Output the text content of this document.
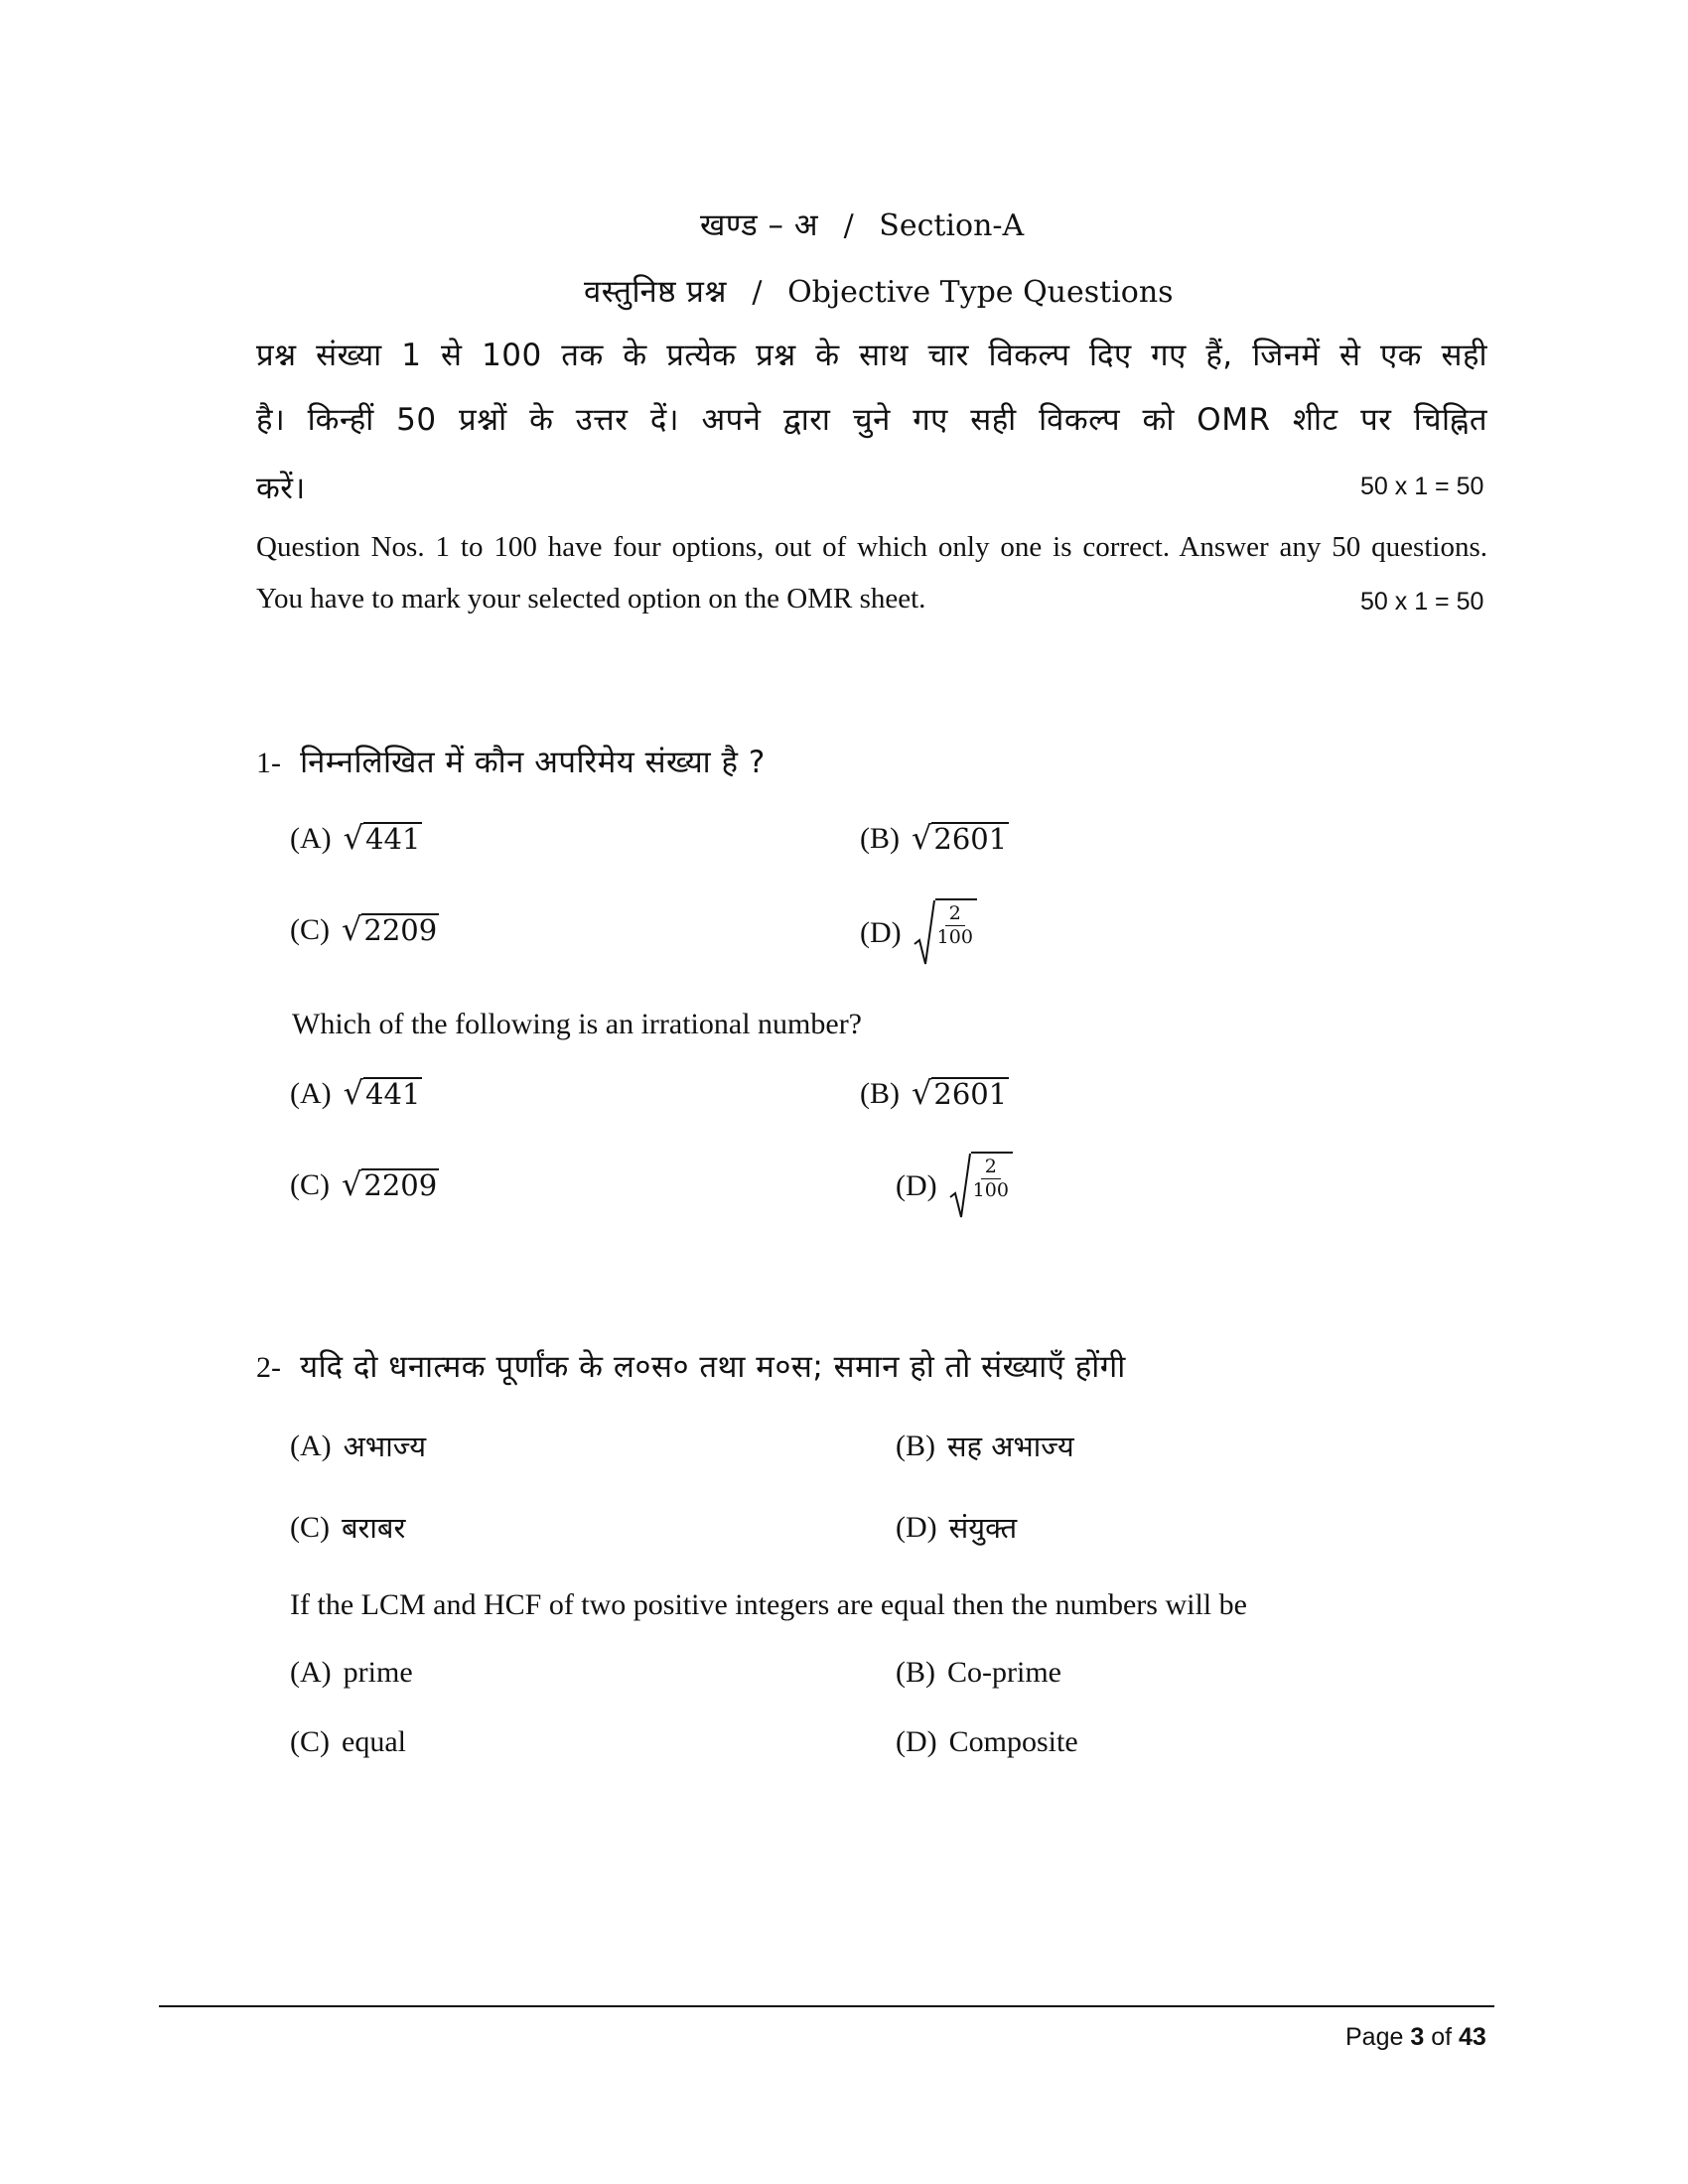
खण्ड – अ / Section-A
वस्तुनिष्ठ प्रश्न / Objective Type Questions
प्रश्न संख्या 1 से 100 तक के प्रत्येक प्रश्न के साथ चार विकल्प दिए गए हैं, जिनमें से एक सही
है। किन्हीं 50 प्रश्नों के उत्तर दें। अपने द्वारा चुने गए सही विकल्प को OMR शीट पर चिह्नित
करें।	50 x 1 = 50
Question Nos. 1 to 100 have four options, out of which only one is correct. Answer any 50 questions.
You have to mark your selected option on the OMR sheet.	50 x 1 = 50
1- निम्नलिखित में कौन अपरिमेय संख्या है ?
(A) √ 441	(B) √ 2601
(C) √ 2209	$(D) \frac{2}{100}$
Which of the following is an irrational number?
(A) √ 441	(B) √ 2601
(C) √ 2209	$(D) \frac{2}{100}$
2- यदि दो धनात्मक पूर्णांक के ल०स० तथा म०स; समान हो तो संख्याएँ होंगी
(A) अभाज्य	(B) सह अभाज्य
(C) बराबर	(D) संयुक्त
If the LCM and HCF of two positive integers are equal then the numbers will be
(A) prime	(B) Co-prime
(C) equal	(D) Composite
Page 3 of 43
